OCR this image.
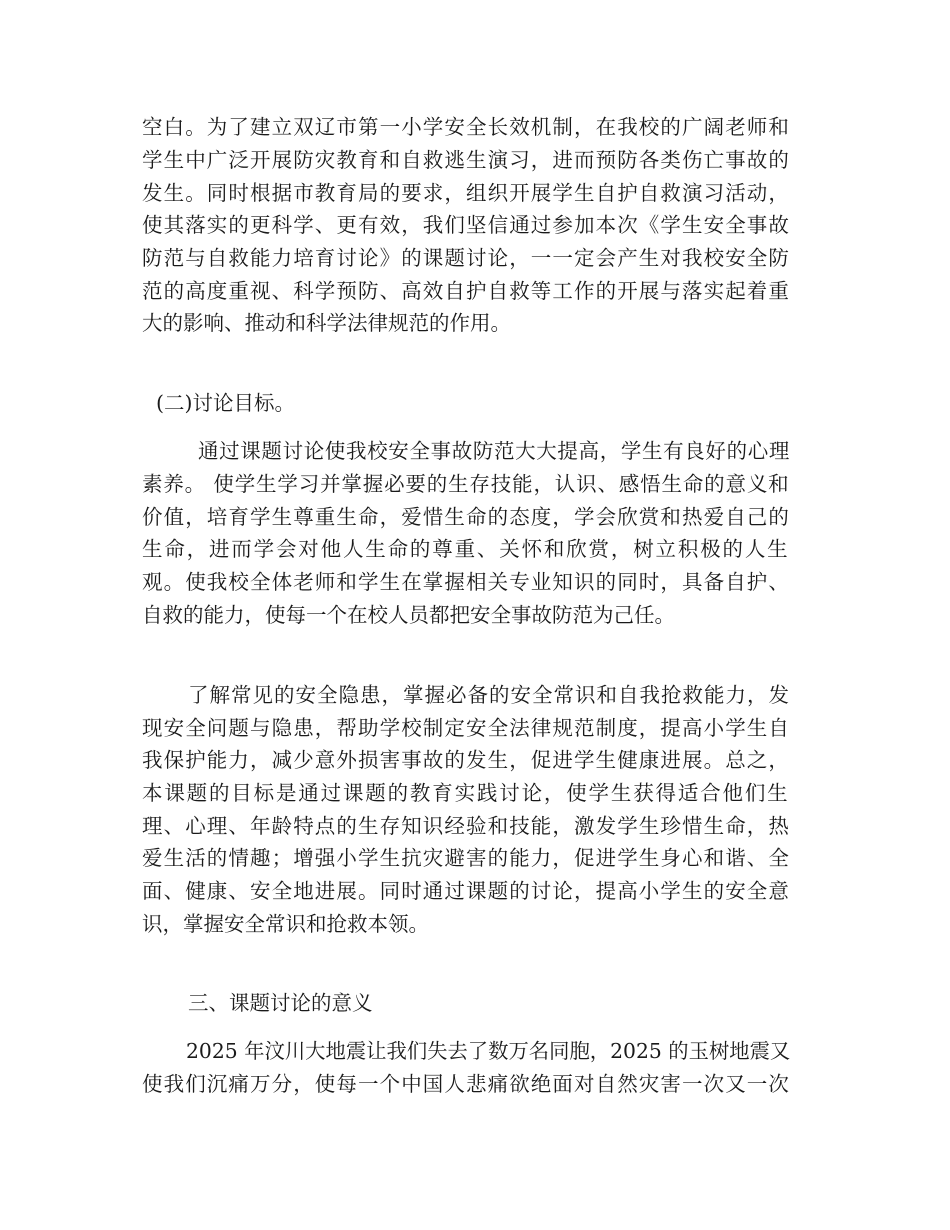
空白。为了建立双辽市第一小学安全长效机制，在我校的广阔老师和
学生中广泛开展防灾教育和自救逃生演习，进而预防各类伤亡事故的
发生。同时根据市教育局的要求，组织开展学生自护自救演习活动，
使其落实的更科学、更有效，我们坚信通过参加本次《学生安全事故
防范与自救能力培育讨论》的课题讨论，一一定会产生对我校安全防
范的高度重视、科学预防、高效自护自救等工作的开展与落实起着重
大的影响、推动和科学法律规范的作用。
(二)讨论目标。
通过课题讨论使我校安全事故防范大大提高，学生有良好的心理
素养。 使学生学习并掌握必要的生存技能，认识、感悟生命的意义和
价值，培育学生尊重生命，爱惜生命的态度，学会欣赏和热爱自己的
生命，进而学会对他人生命的尊重、关怀和欣赏，树立积极的人生
观。使我校全体老师和学生在掌握相关专业知识的同时，具备自护、
自救的能力，使每一个在校人员都把安全事故防范为己任。
了解常见的安全隐患，掌握必备的安全常识和自我抢救能力，发
现安全问题与隐患，帮助学校制定安全法律规范制度，提高小学生自
我保护能力，减少意外损害事故的发生，促进学生健康进展。总之，
本课题的目标是通过课题的教育实践讨论，使学生获得适合他们生
理、心理、年龄特点的生存知识经验和技能，激发学生珍惜生命，热
爱生活的情趣；增强小学生抗灾避害的能力，促进学生身心和谐、全
面、健康、安全地进展。同时通过课题的讨论，提高小学生的安全意
识，掌握安全常识和抢救本领。
三、课题讨论的意义
2025 年汶川大地震让我们失去了数万名同胞，2025 的玉树地震又
使我们沉痛万分，使每一个中国人悲痛欲绝面对自然灾害一次又一次
